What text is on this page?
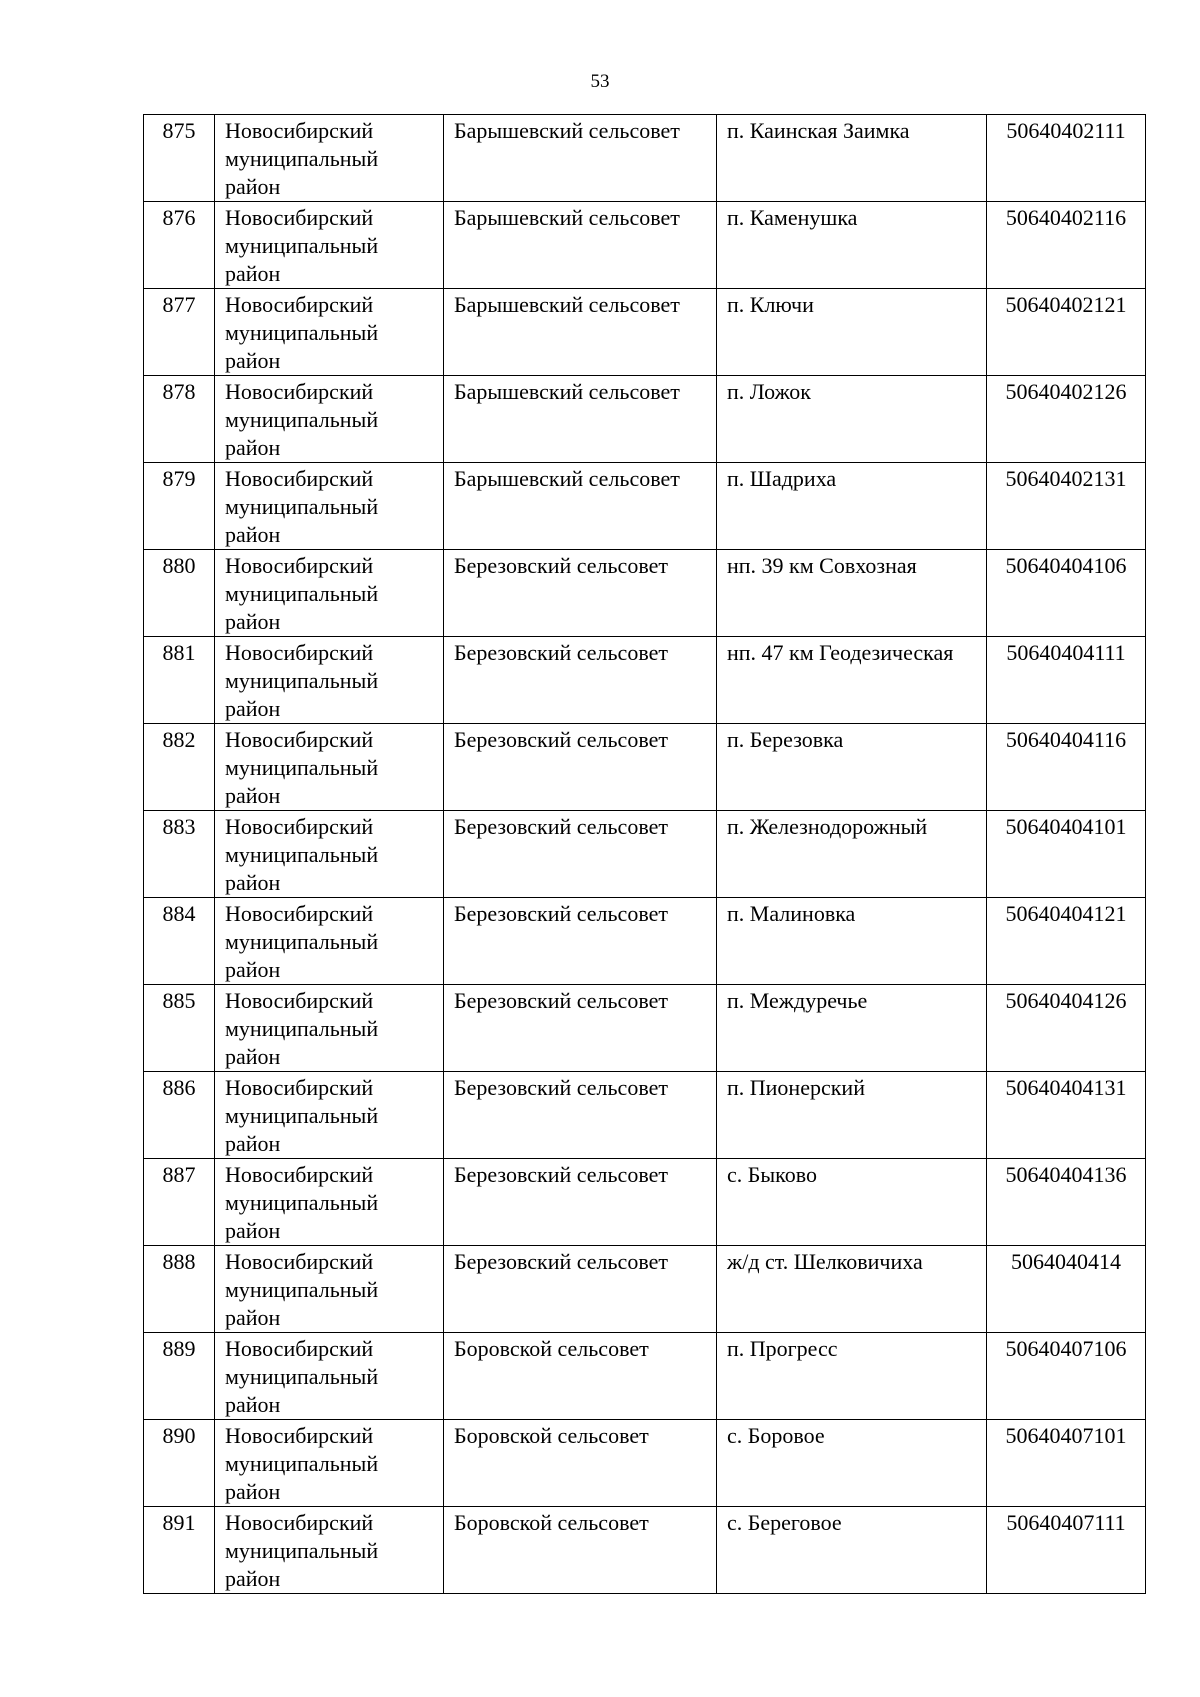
53
875	Новосибирский муниципальный район	Барышевский сельсовет	п. Каинская Заимка	50640402111
876	Новосибирский муниципальный район	Барышевский сельсовет	п. Каменушка	50640402116
877	Новосибирский муниципальный район	Барышевский сельсовет	п. Ключи	50640402121
878	Новосибирский муниципальный район	Барышевский сельсовет	п. Ложок	50640402126
879	Новосибирский муниципальный район	Барышевский сельсовет	п. Шадриха	50640402131
880	Новосибирский муниципальный район	Березовский сельсовет	нп. 39 км Совхозная	50640404106
881	Новосибирский муниципальный район	Березовский сельсовет	нп. 47 км Геодезическая	50640404111
882	Новосибирский муниципальный район	Березовский сельсовет	п. Березовка	50640404116
883	Новосибирский муниципальный район	Березовский сельсовет	п. Железнодорожный	50640404101
884	Новосибирский муниципальный район	Березовский сельсовет	п. Малиновка	50640404121
885	Новосибирский муниципальный район	Березовский сельсовет	п. Междуречье	50640404126
886	Новосибирский муниципальный район	Березовский сельсовет	п. Пионерский	50640404131
887	Новосибирский муниципальный район	Березовский сельсовет	с. Быково	50640404136
888	Новосибирский муниципальный район	Березовский сельсовет	ж/д ст. Шелковичиха	5064040414
889	Новосибирский муниципальный район	Боровской сельсовет	п. Прогресс	50640407106
890	Новосибирский муниципальный район	Боровской сельсовет	с. Боровое	50640407101
891	Новосибирский муниципальный район	Боровской сельсовет	с. Береговое	50640407111
